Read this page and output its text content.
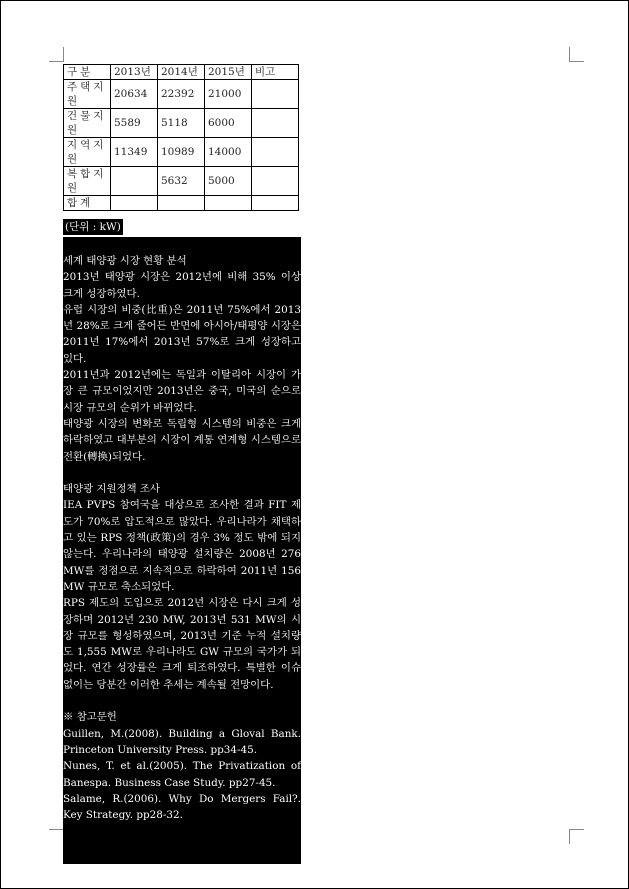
구분	2013년	2014년	2015년	비고
주택지원	20634	22392	21000	
건물지원	5589	5118	6000	
지역지원	11349	10989	14000	
복합지원		5632	5000	
합계				
(단위 : kW)

세계 태양광 시장 현황 분석

2013년 태양광 시장은 2012년에 비해 35% 이상 크게 성장하였다.

유럽 시장의 비중(比重)은 2011년 75%에서 2013년 28%로 크게 줄어든 반면에 아시아/태평양 시장은 2011년 17%에서 2013년 57%로 크게 성장하고 있다.

2011년과 2012년에는 독일과 이탈리아 시장이 가장 큰 규모이었지만 2013년은 중국, 미국의 순으로 시장 규모의 순위가 바뀌었다.

태양광 시장의 변화로 독립형 시스템의 비중은 크게 하락하였고 대부분의 시장이 계통 연계형 시스템으로 전환(轉換)되었다.

태양광 지원정책 조사

IEA PVPS 참여국을 대상으로 조사한 결과 FIT 제도가 70%로 압도적으로 많았다. 우리나라가 채택하고 있는 RPS 정책(政策)의 경우 3% 정도 밖에 되지 않는다. 우리나라의 태양광 설치량은 2008년 276 MW를 정점으로 지속적으로 하락하여 2011년 156 MW 규모로 축소되었다.

RPS 제도의 도입으로 2012년 시장은 다시 크게 성장하며 2012년 230 MW, 2013년 531 MW의 시장 규모를 형성하였으며, 2013년 기준 누적 설치량도 1,555 MW로 우리나라도 GW 규모의 국가가 되었다. 연간 성장률은 크게 퇴조하였다. 특별한 이슈 없이는 당분간 이러한 추세는 계속될 전망이다.

※ 참고문헌

Guillen, M.(2008). Building a Gloval Bank. Princeton University Press. pp34-45.

Nunes, T. et al.(2005). The Privatization of Banespa. Business Case Study. pp27-45.

Salame, R.(2006). Why Do Mergers Fail?. Key Strategy. pp28-32.
